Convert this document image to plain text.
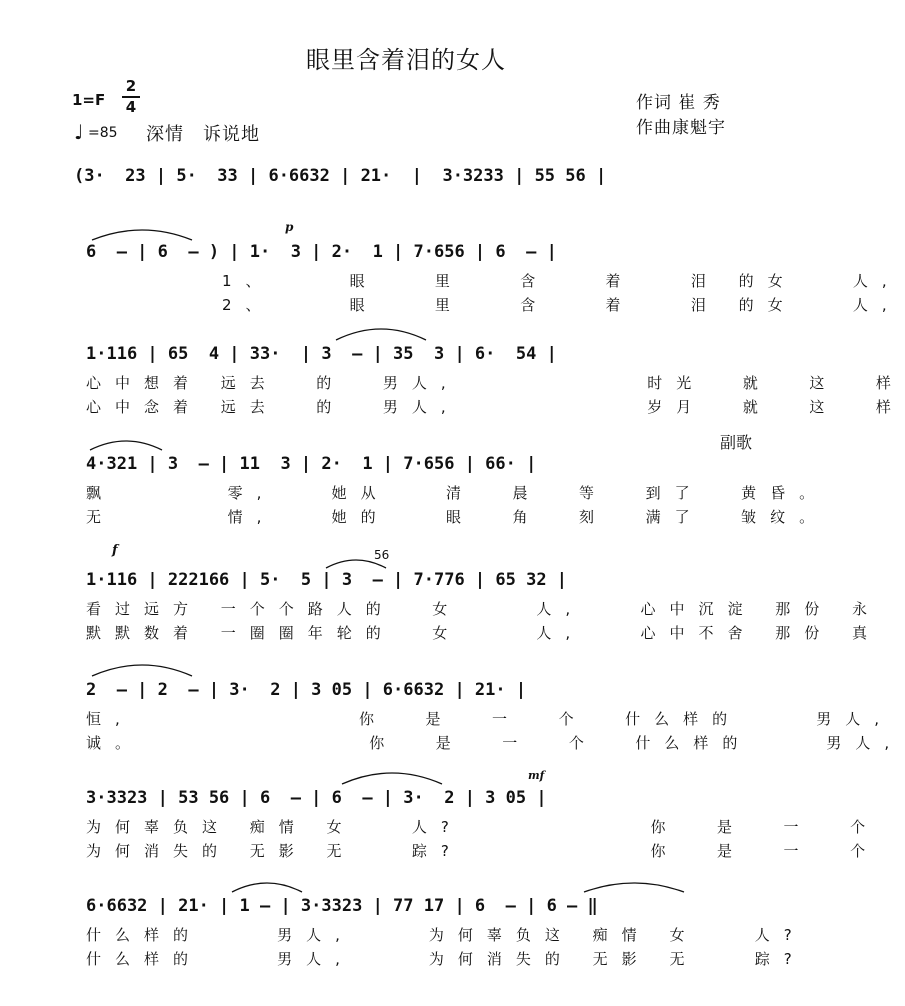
眼里含着泪的女人
1=F
2
4
♩ =85 深情　诉说地
作词 崔 秀
作曲康魁宇
副歌
p
f
mf
(3·  23 | 5·  33 | 6·6632 | 21·  |  3·3233 | 55 56 |
6  – | 6  – ) | 1·  3 | 2·  1 | 7·656 | 6  – |
1、    眼   里   含   着   泪 的女   人,
2、    眼   里   含   着   泪 的女   人,
1·116 | 65  4 | 33·  | 3  – | 35  3 | 6·  54 |
心中想着 远去  的  男人,          时光  就  这  样
心中念着 远去  的  男人,          岁月  就  这  样
4·321 | 3  – | 11  3 | 2·  1 | 7·656 | 66· |
飘      零,   她从   清  晨  等  到了  黄昏。
无      情,   她的   眼  角  刻  满了  皱纹。
56
1·116 | 222166 | 5·  5 | 3  – | 7·776 | 65 32 |
看过远方 一个个路人的  女    人,   心中沉淀 那份 永
默默数着 一圈圈年轮的  女    人,   心中不舍 那份 真
2  – | 2  – | 3·  2 | 3 05 | 6·6632 | 21· |
恒,            你  是  一  个  什么样的    男人,
诚。            你  是  一  个  什么样的    男人,
3·3323 | 53 56 | 6  – | 6  – | 3·  2 | 3 05 |
为何辜负这 痴情 女   人?          你  是  一  个
为何消失的 无影 无   踪?          你  是  一  个
6·6632 | 21· | 1 – | 3·3323 | 77 17 | 6  – | 6 – ‖
什么样的    男人,    为何辜负这 痴情 女   人?
什么样的    男人,    为何消失的 无影 无   踪?
